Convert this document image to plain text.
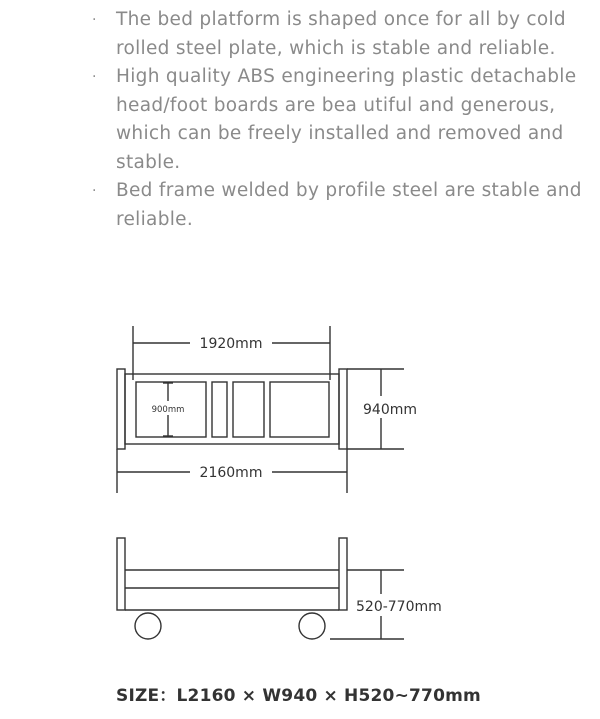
· The bed platform is shaped once for all by cold rolled steel plate, which is stable and reliable.
· High quality ABS engineering plastic detachable head/foot boards are bea utiful and generous, which can be freely installed and removed and stable.
· Bed frame welded by profile steel are stable and reliable.
1920mm
900mm	940mm
2160mm
520-770mm
SIZE：L2160 × W940 × H520~770mm
